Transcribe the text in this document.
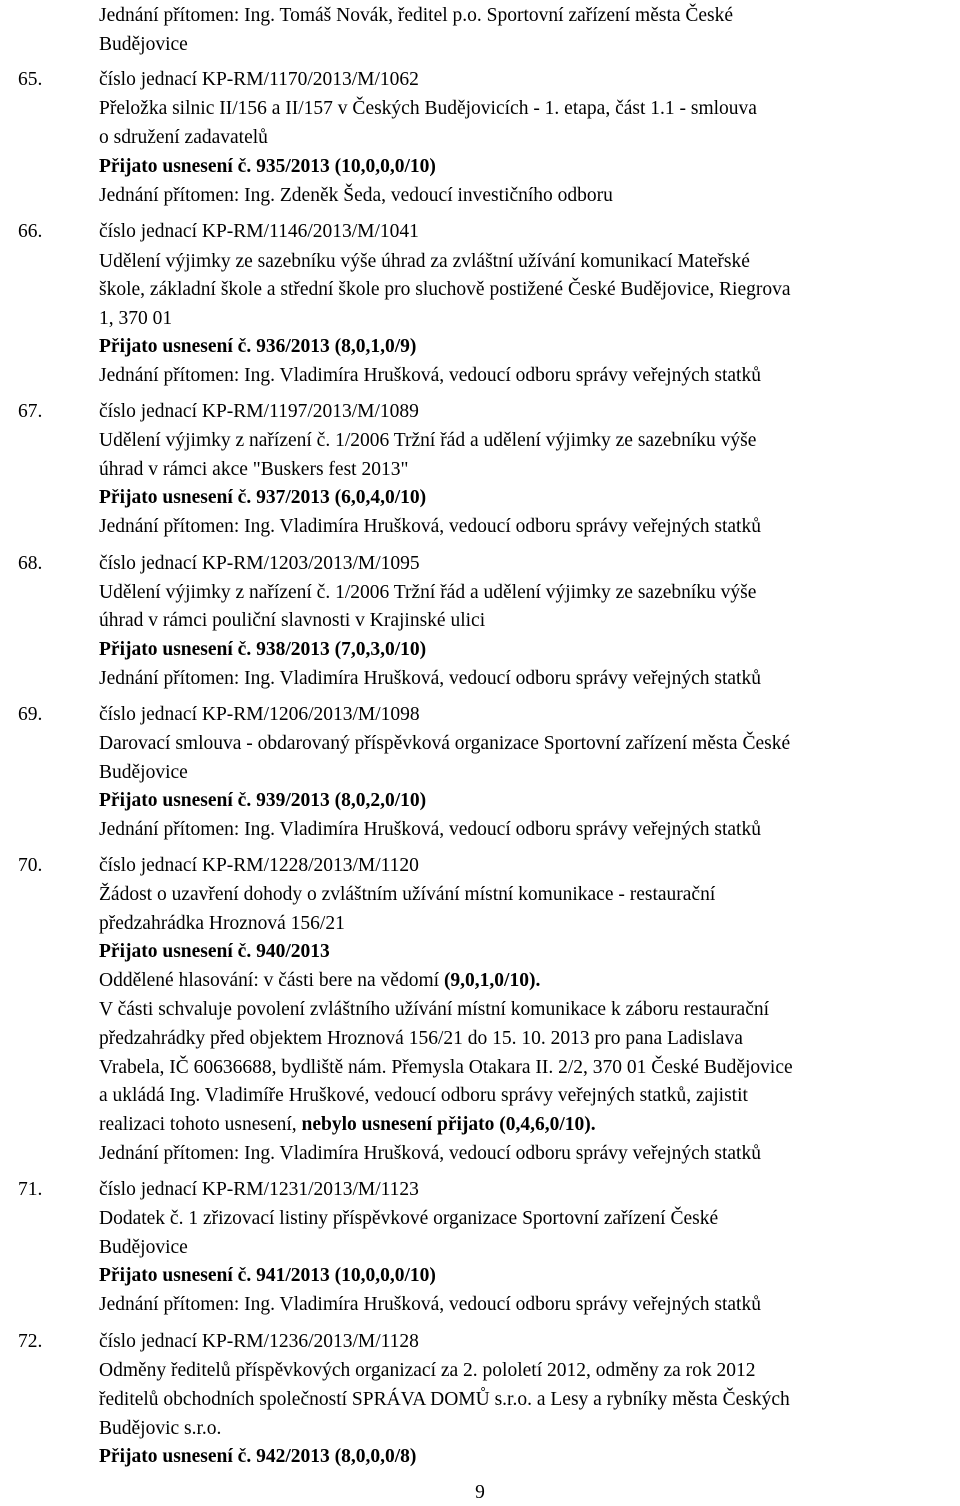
Jednání přítomen: Ing. Tomáš Novák, ředitel p.o. Sportovní zařízení města České
Budějovice
65.	číslo jednací KP-RM/1170/2013/M/1062
Přeložka silnic II/156 a II/157 v Českých Budějovicích - 1. etapa, část 1.1 - smlouva
o sdružení zadavatelů
Přijato usnesení č. 935/2013 (10,0,0,0/10)
Jednání přítomen: Ing. Zdeněk Šeda, vedoucí investičního odboru
66.	číslo jednací KP-RM/1146/2013/M/1041
Udělení výjimky ze sazebníku výše úhrad za zvláštní užívání komunikací Mateřské
škole, základní škole a střední škole pro sluchově postižené České Budějovice, Riegrova
1, 370 01
Přijato usnesení č. 936/2013 (8,0,1,0/9)
Jednání přítomen: Ing. Vladimíra Hrušková, vedoucí odboru správy veřejných statků
67.	číslo jednací KP-RM/1197/2013/M/1089
Udělení výjimky z nařízení č. 1/2006 Tržní řád a udělení výjimky ze sazebníku výše
úhrad v rámci akce "Buskers fest 2013"
Přijato usnesení č. 937/2013 (6,0,4,0/10)
Jednání přítomen: Ing. Vladimíra Hrušková, vedoucí odboru správy veřejných statků
68.	číslo jednací KP-RM/1203/2013/M/1095
Udělení výjimky z nařízení č. 1/2006 Tržní řád a udělení výjimky ze sazebníku výše
úhrad v rámci pouliční slavnosti v Krajinské ulici
Přijato usnesení č. 938/2013 (7,0,3,0/10)
Jednání přítomen: Ing. Vladimíra Hrušková, vedoucí odboru správy veřejných statků
69.	číslo jednací KP-RM/1206/2013/M/1098
Darovací smlouva - obdarovaný příspěvková organizace Sportovní zařízení města České
Budějovice
Přijato usnesení č. 939/2013 (8,0,2,0/10)
Jednání přítomen: Ing. Vladimíra Hrušková, vedoucí odboru správy veřejných statků
70.	číslo jednací KP-RM/1228/2013/M/1120
Žádost o uzavření dohody o zvláštním užívání místní komunikace - restaurační
předzahrádka Hroznová 156/21
Přijato usnesení č. 940/2013
Oddělené hlasování: v části bere na vědomí (9,0,1,0/10).
V části schvaluje povolení zvláštního užívání místní komunikace k záboru restaurační
předzahrádky před objektem Hroznová 156/21 do 15. 10. 2013 pro pana Ladislava
Vrabela, IČ 60636688, bydliště nám. Přemysla Otakara II. 2/2, 370 01 České Budějovice
a ukládá Ing. Vladimíře Hruškové, vedoucí odboru správy veřejných statků, zajistit
realizaci tohoto usnesení, nebylo usnesení přijato (0,4,6,0/10).
Jednání přítomen: Ing. Vladimíra Hrušková, vedoucí odboru správy veřejných statků
71.	číslo jednací KP-RM/1231/2013/M/1123
Dodatek č. 1 zřizovací listiny příspěvkové organizace Sportovní zařízení České
Budějovice
Přijato usnesení č. 941/2013 (10,0,0,0/10)
Jednání přítomen: Ing. Vladimíra Hrušková, vedoucí odboru správy veřejných statků
72.	číslo jednací KP-RM/1236/2013/M/1128
Odměny ředitelů příspěvkových organizací za 2. pololetí 2012, odměny za rok 2012
ředitelů obchodních společností SPRÁVA DOMŮ s.r.o. a Lesy a rybníky města Českých
Budějovic s.r.o.
Přijato usnesení č. 942/2013 (8,0,0,0/8)
9
